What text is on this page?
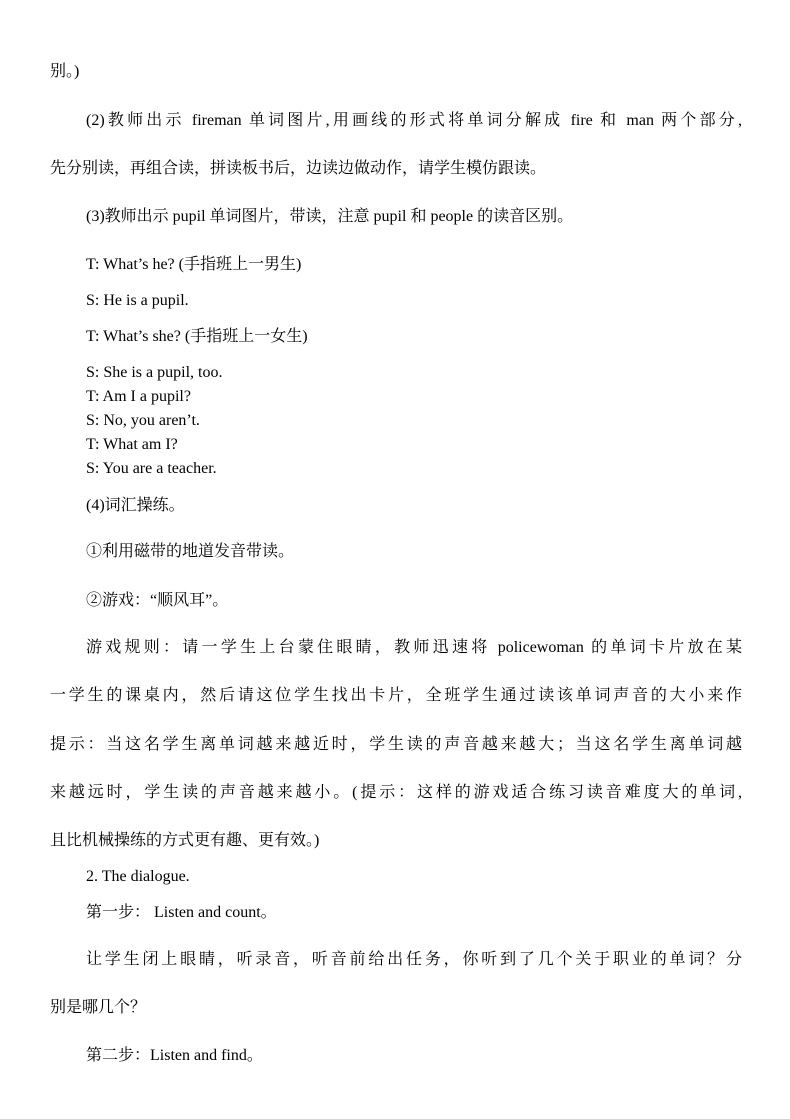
别。)
(2)教师出示 fireman 单词图片,用画线的形式将单词分解成 fire 和 man 两个部分,
先分别读，再组合读，拼读板书后，边读边做动作，请学生模仿跟读。
(3)教师出示 pupil 单词图片，带读，注意 pupil 和 people 的读音区别。
T: What’s he? (手指班上一男生)
S: He is a pupil.
T: What’s she? (手指班上一女生)
S: She is a pupil, too.
T: Am I a pupil?
S: No, you aren’t.
T: What am I?
S: You are a teacher.
(4)词汇操练。
①利用磁带的地道发音带读。
②游戏：“顺风耳”。
游戏规则：请一学生上台蒙住眼睛，教师迅速将 policewoman 的单词卡片放在某
一学生的课桌内，然后请这位学生找出卡片，全班学生通过读该单词声音的大小来作
提示：当这名学生离单词越来越近时，学生读的声音越来越大；当这名学生离单词越
来越远时，学生读的声音越来越小。(提示：这样的游戏适合练习读音难度大的单词,
且比机械操练的方式更有趣、更有效。)
2. The dialogue.
第一步： Listen and count。
让学生闭上眼睛，听录音，听音前给出任务，你听到了几个关于职业的单词？分
别是哪几个？
第二步：Listen and find。
